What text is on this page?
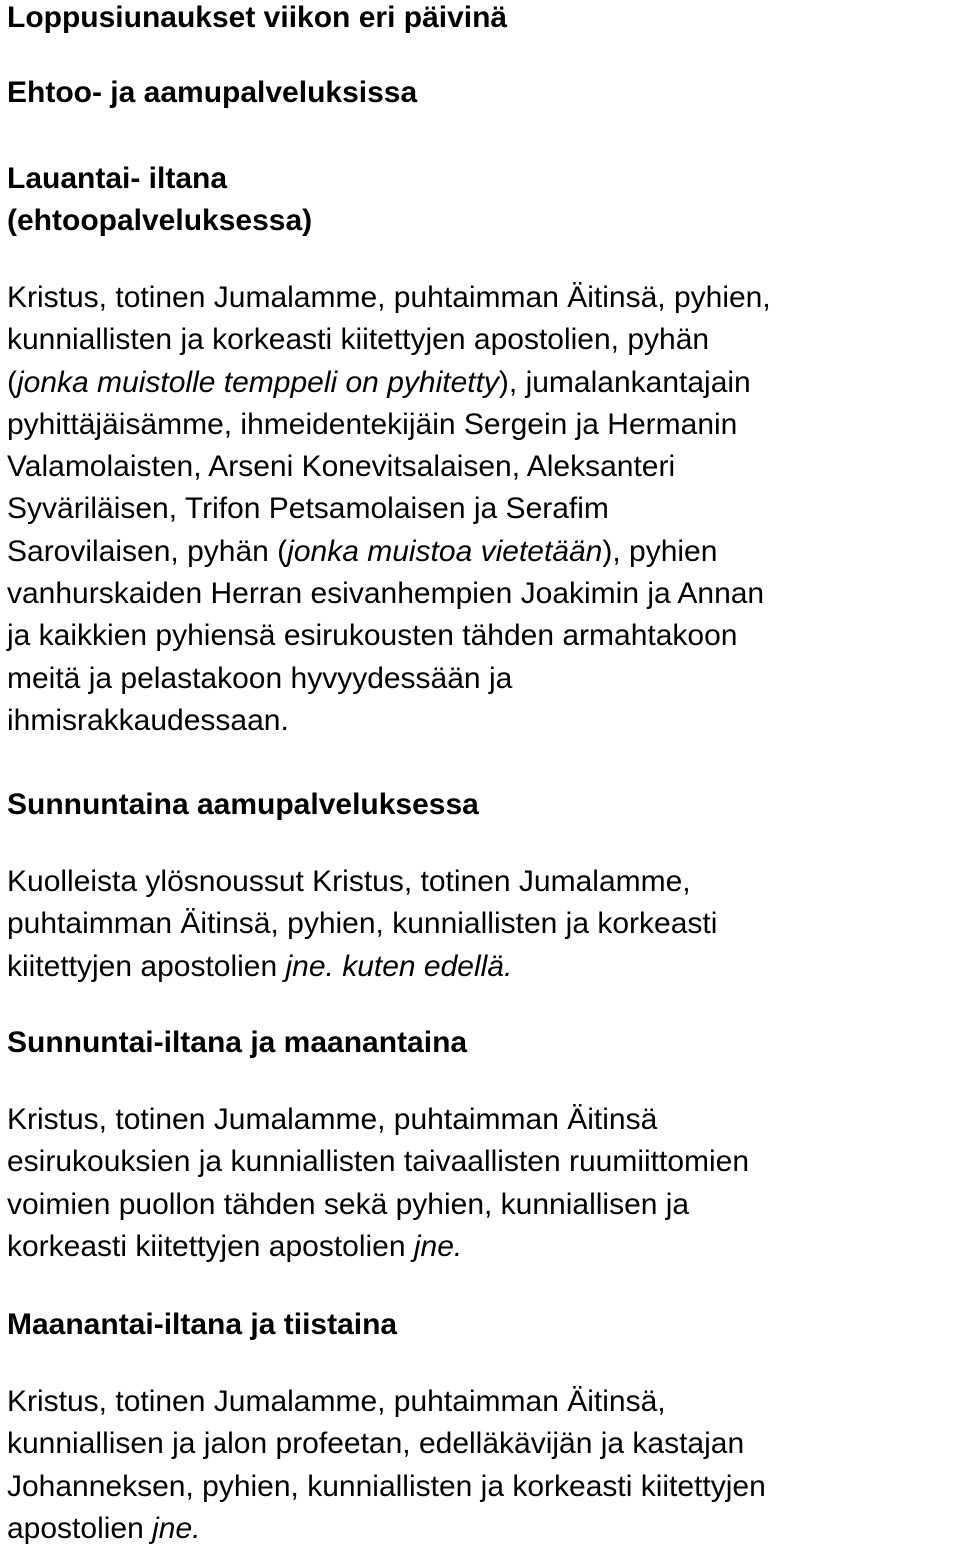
Loppusiunaukset viikon eri päivinä
Ehtoo- ja aamupalveluksissa
Lauantai- iltana
(ehtoopalveluksessa)

Kristus, totinen Jumalamme, puhtaimman Äitinsä, pyhien,
kunniallisten ja korkeasti kiitettyjen apostolien, pyhän
(jonka muistolle temppeli on pyhitetty), jumalankantajain
pyhittäjäisämme, ihmeidentekijäin Sergein ja Hermanin
Valamolaisten, Arseni Konevitsalaisen, Aleksanteri
Syväriläisen, Trifon Petsamolaisen ja Serafim
Sarovilaisen, pyhän (jonka muistoa vietetään), pyhien
vanhurskaiden Herran esivanhempien Joakimin ja Annan
ja kaikkien pyhiensä esirukousten tähden armahtakoon
meitä ja pelastakoon hyvyydessään ja
ihmisrakkaudessaan.

Sunnuntaina aamupalveluksessa

Kuolleista ylösnoussut Kristus, totinen Jumalamme,
puhtaimman Äitinsä, pyhien, kunniallisten ja korkeasti
kiitettyjen apostolien jne. kuten edellä.

Sunnuntai-iltana ja maanantaina

Kristus, totinen Jumalamme, puhtaimman Äitinsä
esirukouksien ja kunniallisten taivaallisten ruumiittomien
voimien puollon tähden sekä pyhien, kunniallisen ja
korkeasti kiitettyjen apostolien jne.

Maanantai-iltana ja tiistaina

Kristus, totinen Jumalamme, puhtaimman Äitinsä,
kunniallisen ja jalon profeetan, edelläkävijän ja kastajan
Johanneksen, pyhien, kunniallisten ja korkeasti kiitettyjen
apostolien jne.
